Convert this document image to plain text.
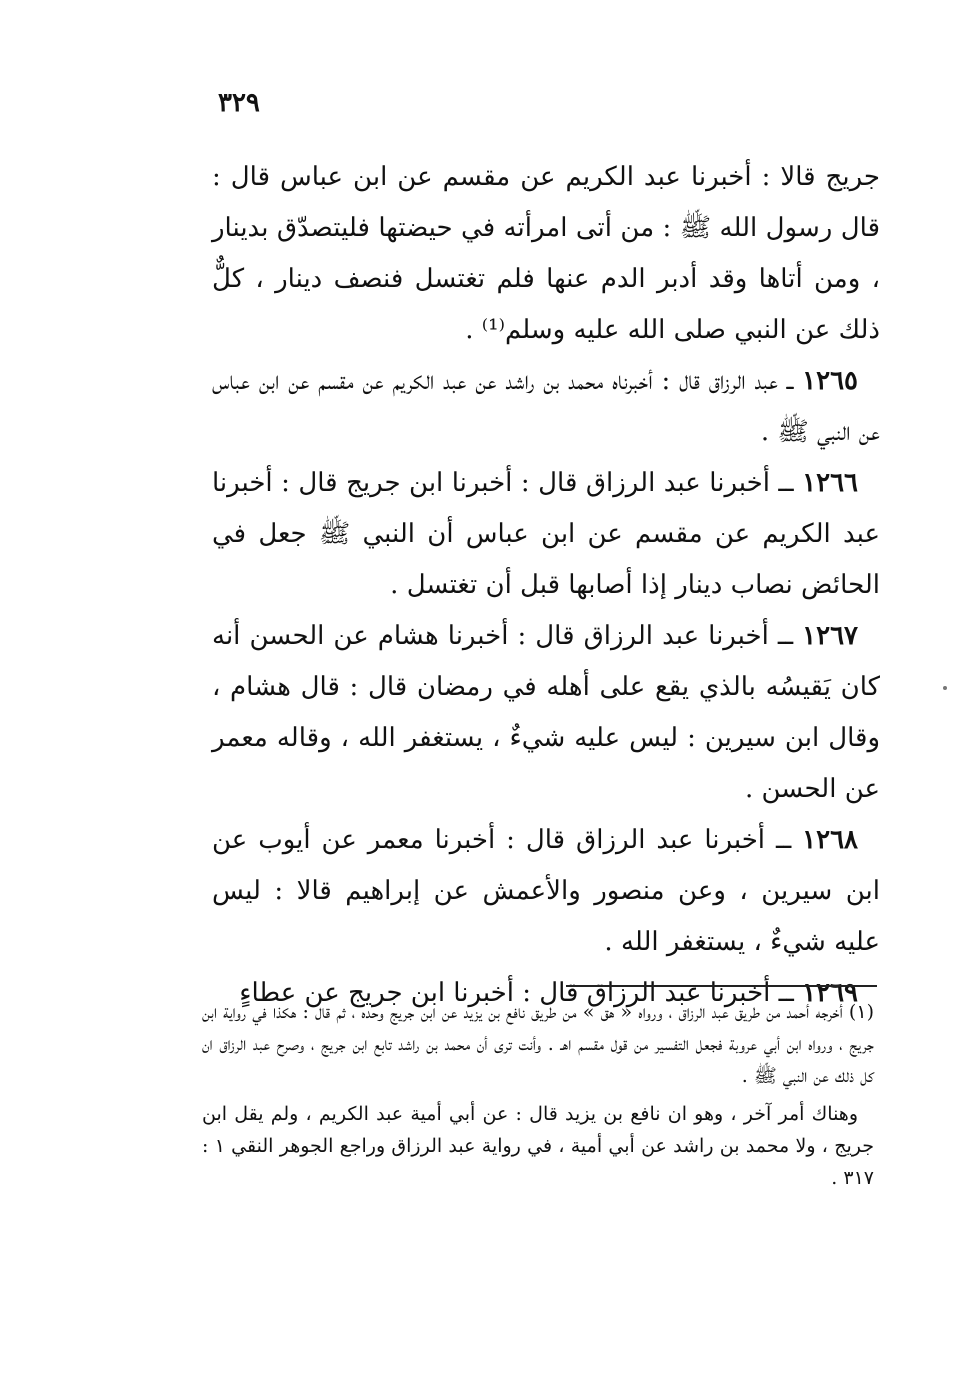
٣٢٩

جريج قالا : أخبرنا عبد الكريم عن مقسم عن ابن عباس قال : قال رسول الله ﷺ : من أتى امرأته في حيضتها فليتصدّق بدينار ، ومن أتاها وقد أدبر الدم عنها فلم تغتسل فنصف دينار ، كلٌّ ذلك عن النبي صلى الله عليه وسلم⁽¹⁾ .

١٢٦٥ ــ عبد الرزاق قال : أخبرناه محمد بن راشد عن عبد الكريم عن مقسم عن ابن عباس عن النبي ﷺ .

١٢٦٦ ــ أخبرنا عبد الرزاق قال : أخبرنا ابن جريج قال : أخبرنا عبد الكريم عن مقسم عن ابن عباس أن النبي ﷺ جعل في الحائض نصاب دينار إذا أصابها قبل أن تغتسل .

١٢٦٧ ــ أخبرنا عبد الرزاق قال : أخبرنا هشام عن الحسن أنه كان يَقيسُه بالذي يقع على أهله في رمضان قال : قال هشام ، وقال ابن سيرين : ليس عليه شيءٌ ، يستغفر الله ، وقاله معمر عن الحسن .

١٢٦٨ ــ أخبرنا عبد الرزاق قال : أخبرنا معمر عن أيوب عن ابن سيرين ، وعن منصور والأعمش عن إبراهيم قالا : ليس عليه شيءٌ ، يستغفر الله .

١٢٦٩ ــ أخبرنا عبد الرزاق قال : أخبرنا ابن جريج عن عطاءٍ

(١) أخرجه أحمد من طريق عبد الرزاق ، ورواه « هق » من طريق نافع بن يزيد عن ابن جريج وحده ، ثم قال : هكذا في رواية ابن جريج ، ورواه ابن أبي عروبة فجعل التفسير من قول مقسم اهـ . وأنت ترى أن محمد بن راشد تابع ابن جريج ، وصرح عبد الرزاق ان كل ذلك عن النبي ﷺ .

وهناك أمر آخر ، وهو ان نافع بن يزيد قال : عن أبي أمية عبد الكريم ، ولم يقل ابن جريج ، ولا محمد بن راشد عن أبي أمية ، في رواية عبد الرزاق وراجع الجوهر النقي ١ : ٣١٧ .
